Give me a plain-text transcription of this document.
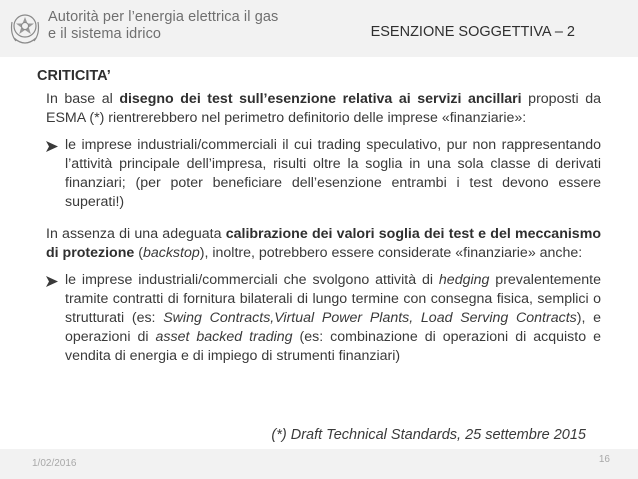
Autorità per l’energia elettrica il gas
e il sistema idrico	ESENZIONE SOGGETTIVA – 2
CRITICITA’

In base al disegno dei test sull’esenzione relativa ai servizi ancillari proposti da ESMA (*) rientrerebbero nel perimetro definitorio delle imprese «finanziarie»:

le imprese industriali/commerciali il cui trading speculativo, pur non rappresentando l’attività principale dell’impresa, risulti oltre la soglia in una sola classe di derivati finanziari; (per poter beneficiare dell’esenzione entrambi i test devono essere superati!)

In assenza di una adeguata calibrazione dei valori soglia dei test e del meccanismo di protezione (backstop), inoltre, potrebbero essere considerate «finanziarie» anche:

le imprese industriali/commerciali che svolgono attività di hedging prevalentemente tramite contratti di fornitura bilaterali di lungo termine con consegna fisica, semplici o strutturati (es: Swing Contracts,Virtual Power Plants, Load Serving Contracts), e operazioni di asset backed trading (es: combinazione di operazioni di acquisto e vendita di energia e di impiego di strumenti finanziari)

(*) Draft Technical Standards, 25 settembre 2015
1/02/2016	16
